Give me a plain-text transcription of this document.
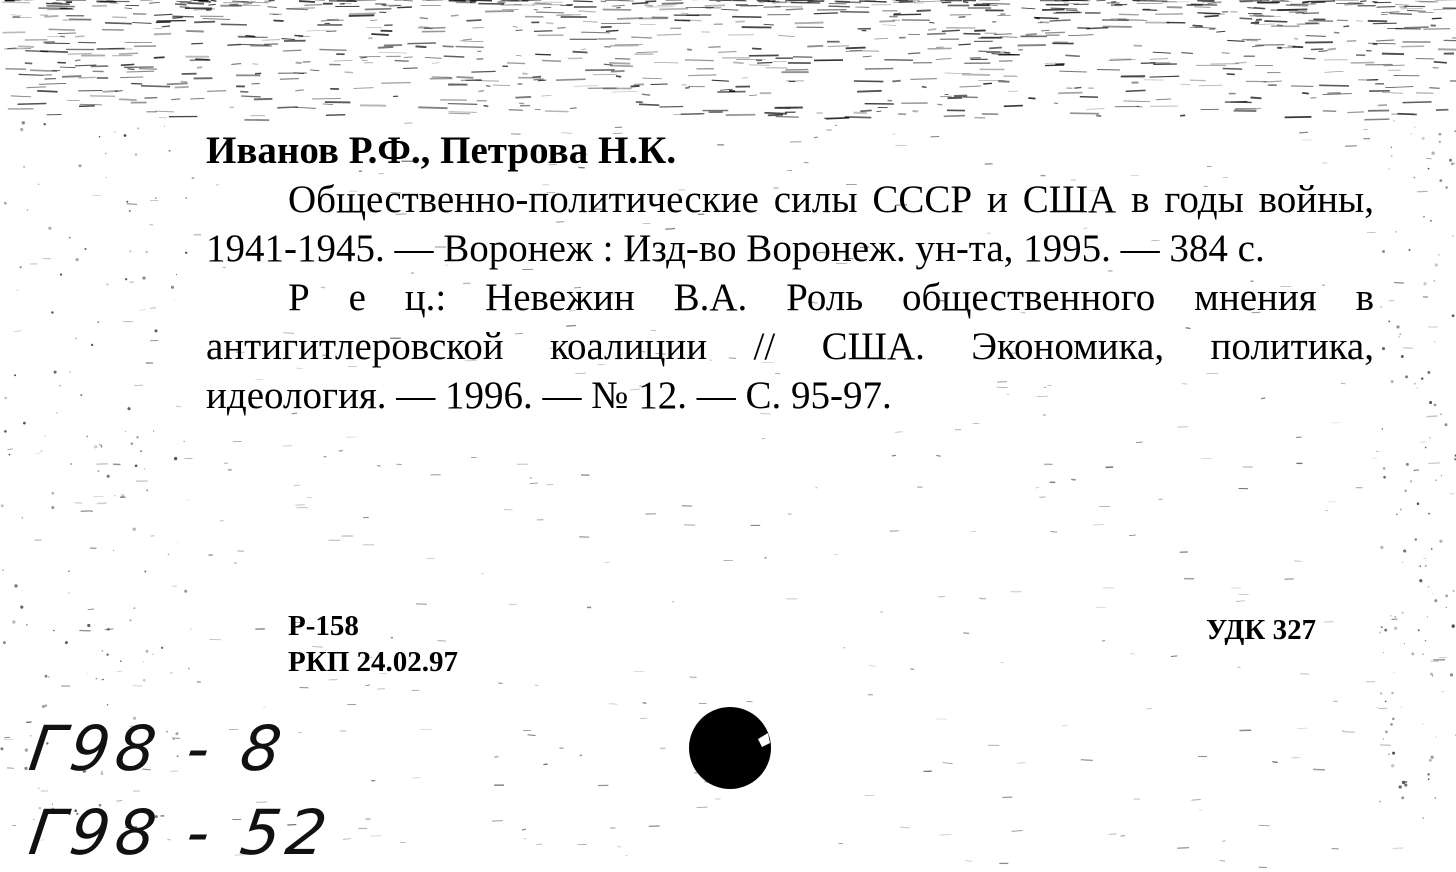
Иванов Р.Ф., Петрова Н.К.
Общественно-политические силы СССР и США в годы войны, 1941-1945. — Воронеж : Изд-во Воронеж. ун-та, 1995. — 384 с.
Р е ц.: Невежин В.А. Роль общественного мнения в антигитлеровской коалиции // США. Экономика, политика, идеология. — 1996. — № 12. — С. 95-97.
Р-158
РКП 24.02.97
УДК 327
Г98 - 8
Г98 - 52
